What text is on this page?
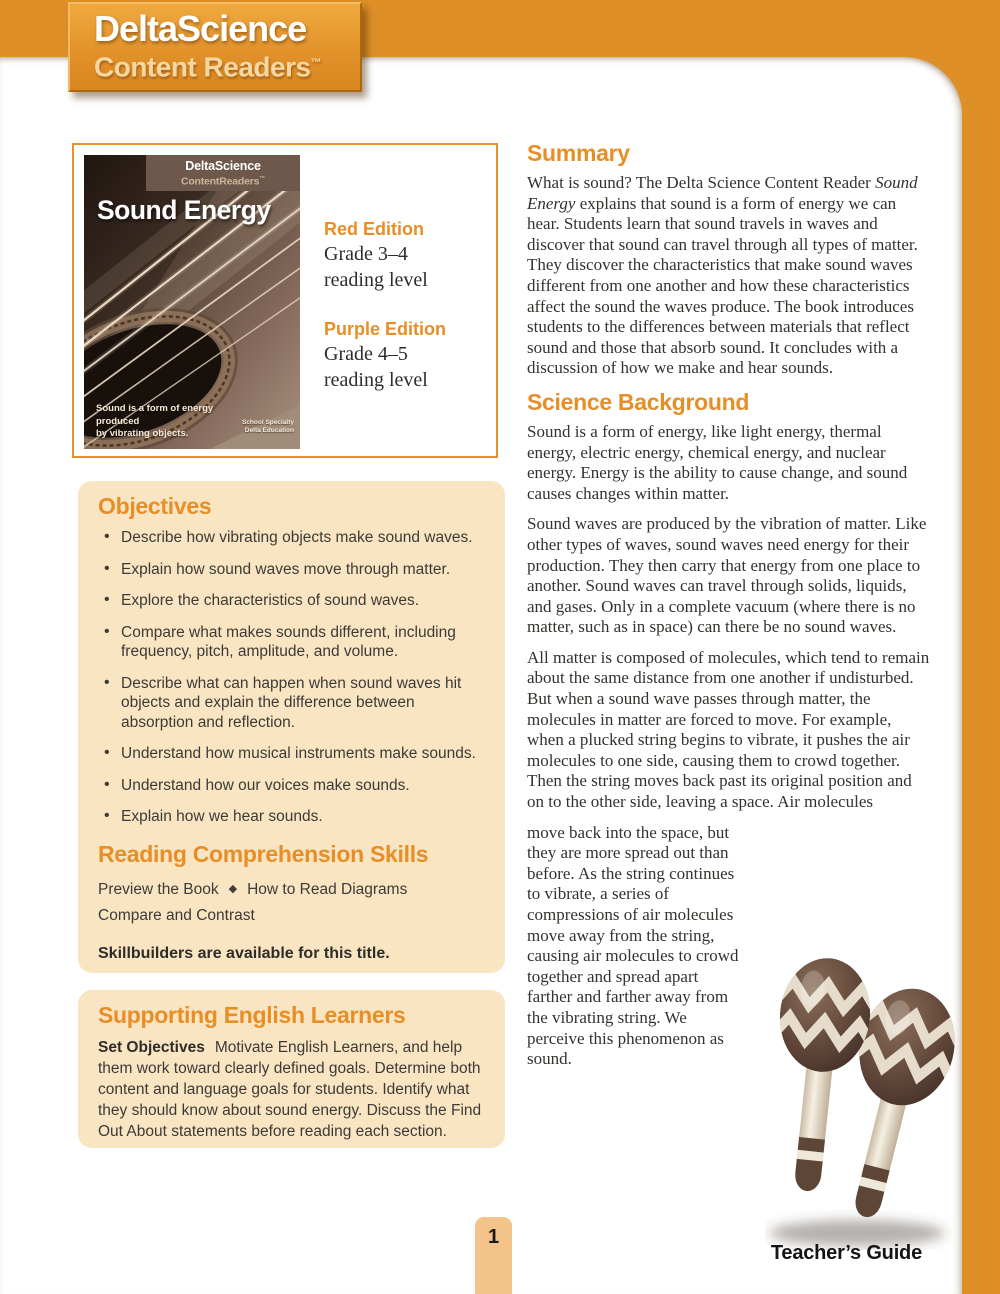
DeltaScience
ContentReaders™
Sound Energy
Sound is a form of energy produced
by vibrating objects.
School Specialty
Delta Education
Red Edition
Grade 3–4
reading level
Purple Edition
Grade 4–5
reading level
Objectives
• Describe how vibrating objects make sound waves.
• Explain how sound waves move through matter.
• Explore the characteristics of sound waves.
• Compare what makes sounds different, including frequency, pitch, amplitude, and volume.
• Describe what can happen when sound waves hit objects and explain the difference between absorption and reflection.
• Understand how musical instruments make sounds.
• Understand how our voices make sounds.
• Explain how we hear sounds.
Reading Comprehension Skills
Preview the Book ◆ How to Read Diagrams
Compare and Contrast
Skillbuilders are available for this title.
Supporting English Learners
Set Objectives Motivate English Learners, and help them work toward clearly defined goals. Determine both content and language goals for students. Identify what they should know about sound energy. Discuss the Find Out About statements before reading each section.
Summary

What is sound? The Delta Science Content Reader Sound Energy explains that sound is a form of energy we can hear. Students learn that sound travels in waves and discover that sound can travel through all types of matter. They discover the characteristics that make sound waves different from one another and how these characteristics affect the sound the waves produce. The book introduces students to the differences between materials that reflect sound and those that absorb sound. It concludes with a discussion of how we make and hear sounds.

Science Background

Sound is a form of energy, like light energy, thermal energy, electric energy, chemical energy, and nuclear energy. Energy is the ability to cause change, and sound causes changes within matter.

Sound waves are produced by the vibration of matter. Like other types of waves, sound waves need energy for their production. They then carry that energy from one place to another. Sound waves can travel through solids, liquids, and gases. Only in a complete vacuum (where there is no matter, such as in space) can there be no sound waves.

All matter is composed of molecules, which tend to remain about the same distance from one another if undisturbed. But when a sound wave passes through matter, the molecules in matter are forced to move. For example, when a plucked string begins to vibrate, it pushes the air molecules to one side, causing them to crowd together. Then the string moves back past its original position and on to the other side, leaving a space. Air molecules

move back into the space, but they are more spread out than before. As the string continues to vibrate, a series of compressions of air molecules move away from the string, causing air molecules to crowd together and spread apart farther and farther away from the vibrating string. We perceive this phenomenon as sound.

1
Teacher’s Guide
DeltaScience
Content Readers™
